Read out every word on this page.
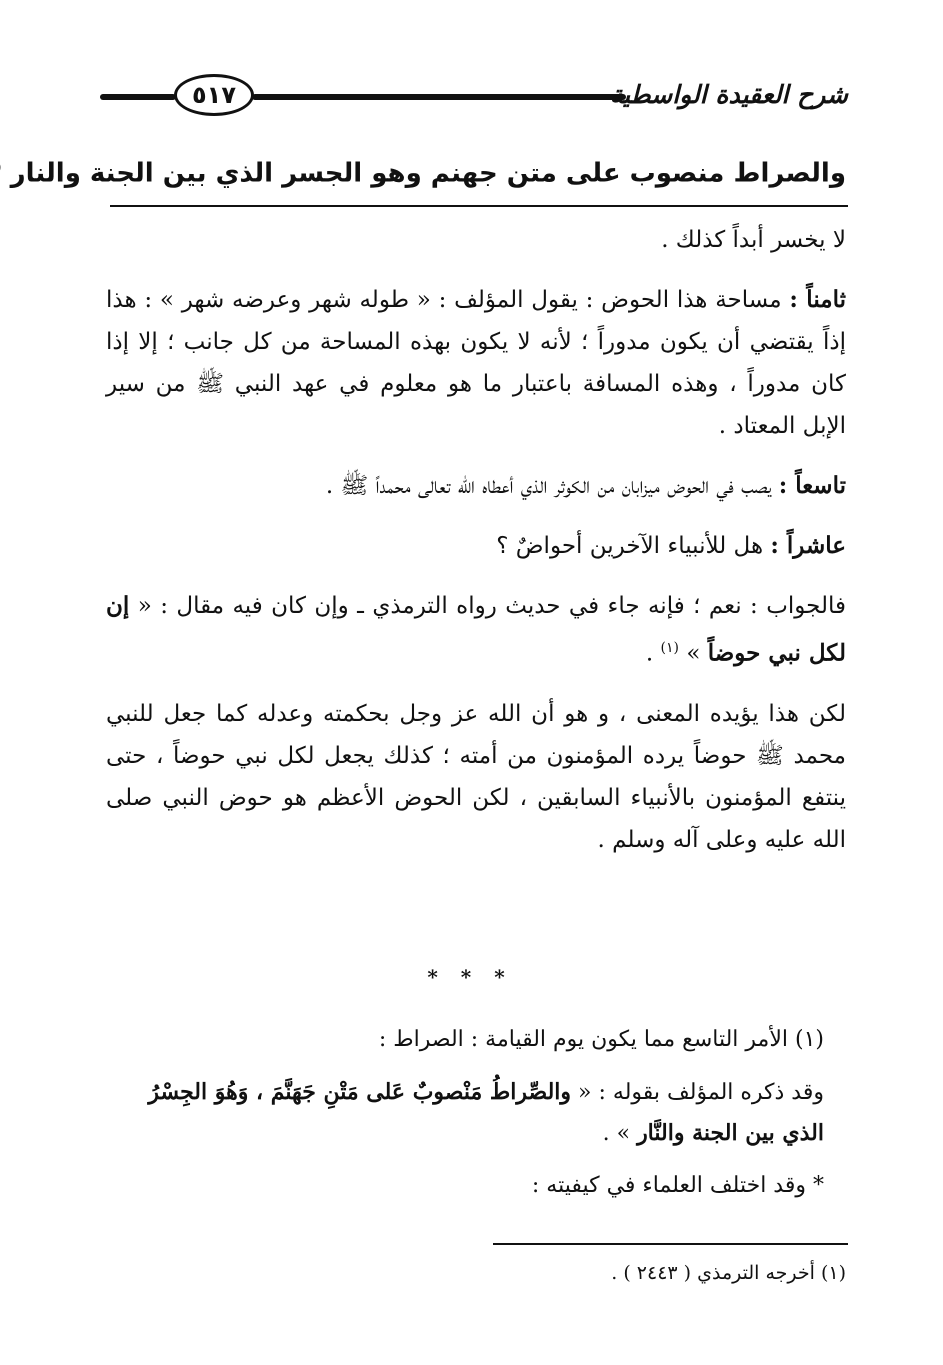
٥١٧	شرح العقيدة الواسطية
والصراط منصوب على متن جهنم وهو الجسر الذي بين الجنة والنار

لا يخسر أبداً كذلك .

ثامناً : مساحة هذا الحوض : يقول المؤلف : « طوله شهر وعرضه شهر » : هذا إذاً يقتضي أن يكون مدوراً ؛ لأنه لا يكون بهذه المساحة من كل جانب ؛ إلا إذا كان مدوراً ، وهذه المسافة باعتبار ما هو معلوم في عهد النبي ﷺ من سير الإبل المعتاد .

تاسعاً : يصب في الحوض ميزابان من الكوثر الذي أعطاه الله تعالى محمداً ﷺ .

عاشراً : هل للأنبياء الآخرين أحواضٌ ؟

فالجواب : نعم ؛ فإنه جاء في حديث رواه الترمذي ـ وإن كان فيه مقال : « إن لكل نبي حوضاً » $^{(١)}$ .

لكن هذا يؤيده المعنى ، و هو أن الله عز وجل بحكمته وعدله كما جعل للنبي محمد ﷺ حوضاً يرده المؤمنون من أمته ؛ كذلك يجعل لكل نبي حوضاً ، حتى ينتفع المؤمنون بالأنبياء السابقين ، لكن الحوض الأعظم هو حوض النبي صلى الله عليه وعلى آله وسلم .

* * *

(١) الأمر التاسع مما يكون يوم القيامة : الصراط :

وقد ذكره المؤلف بقوله : « والصِّراطُ مَنْصوبٌ عَلى مَتْنِ جَهَنَّمَ ، وَهُوَ الجِسْرُ الذي بين الجنة والنَّار » .

* وقد اختلف العلماء في كيفيته :

(١) أخرجه الترمذي ( ٢٤٤٣ ) .
